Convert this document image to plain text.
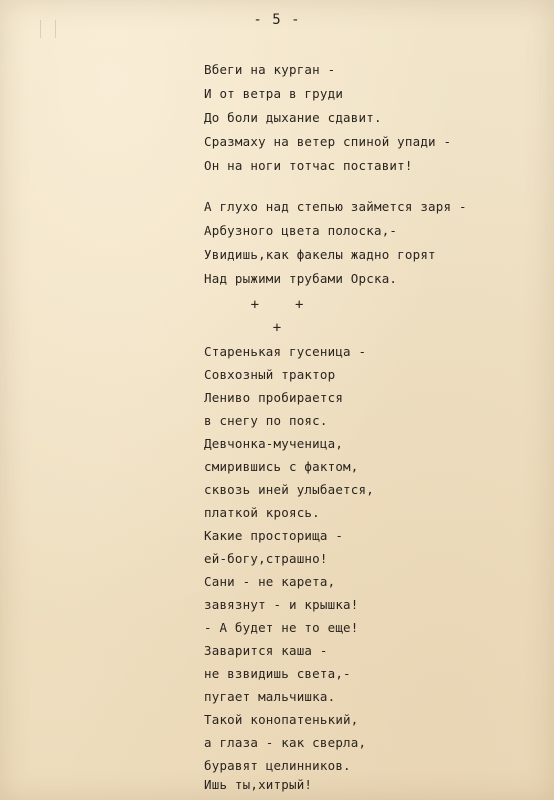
- 5 -
Вбеги на курган -
И от ветра в груди
До боли дыхание сдавит.
Сразмаху на ветер спиной упади -
Он на ноги тотчас поставит!
А глухо над степью займется заря -
Арбузного цвета полоска,-
Увидишь,как факелы жадно горят
Над рыжими трубами Орска.
+	+
+
Старенькая гусеница -
Совхозный трактор
Лениво пробирается
в снегу по пояс.
Девчонка-мученица,
смирившись с фактом,
сквозь иней улыбается,
платкой кроясь.
Какие просторища -
ей-богу,страшно!
Сани - не карета,
завязнут - и крышка!
- А будет не то еще!
Заварится каша -
не взвидишь света,-
пугает мальчишка.
Такой конопатенький,
а глаза - как сверла,
буравят целинников.
Ишь ты,хитрый!
